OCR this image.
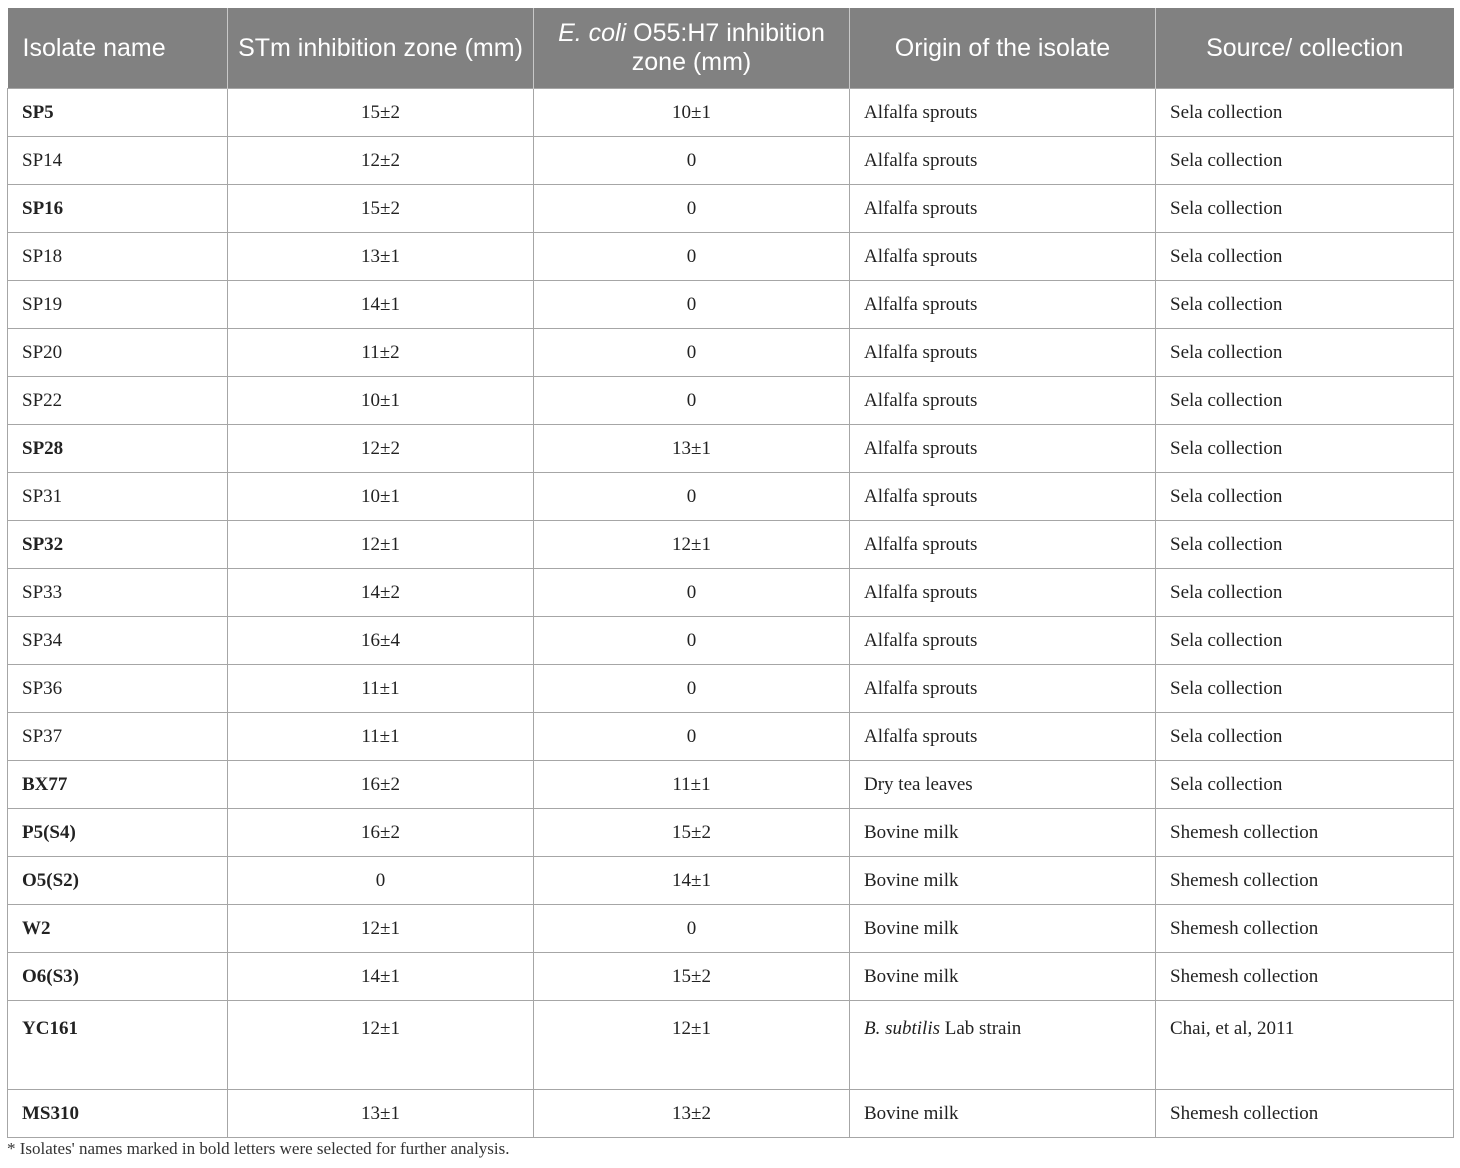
Isolate name	STm inhibition zone (mm)	E. coli O55:H7 inhibition zone (mm)	Origin of the isolate	Source/ collection
SP5	15±2	10±1	Alfalfa sprouts	Sela collection
SP14	12±2	0	Alfalfa sprouts	Sela collection
SP16	15±2	0	Alfalfa sprouts	Sela collection
SP18	13±1	0	Alfalfa sprouts	Sela collection
SP19	14±1	0	Alfalfa sprouts	Sela collection
SP20	11±2	0	Alfalfa sprouts	Sela collection
SP22	10±1	0	Alfalfa sprouts	Sela collection
SP28	12±2	13±1	Alfalfa sprouts	Sela collection
SP31	10±1	0	Alfalfa sprouts	Sela collection
SP32	12±1	12±1	Alfalfa sprouts	Sela collection
SP33	14±2	0	Alfalfa sprouts	Sela collection
SP34	16±4	0	Alfalfa sprouts	Sela collection
SP36	11±1	0	Alfalfa sprouts	Sela collection
SP37	11±1	0	Alfalfa sprouts	Sela collection
BX77	16±2	11±1	Dry tea leaves	Sela collection
P5(S4)	16±2	15±2	Bovine milk	Shemesh collection
O5(S2)	0	14±1	Bovine milk	Shemesh collection
W2	12±1	0	Bovine milk	Shemesh collection
O6(S3)	14±1	15±2	Bovine milk	Shemesh collection
YC161	12±1	12±1	B. subtilis Lab strain	Chai, et al, 2011
MS310	13±1	13±2	Bovine milk	Shemesh collection
* Isolates' names marked in bold letters were selected for further analysis.
